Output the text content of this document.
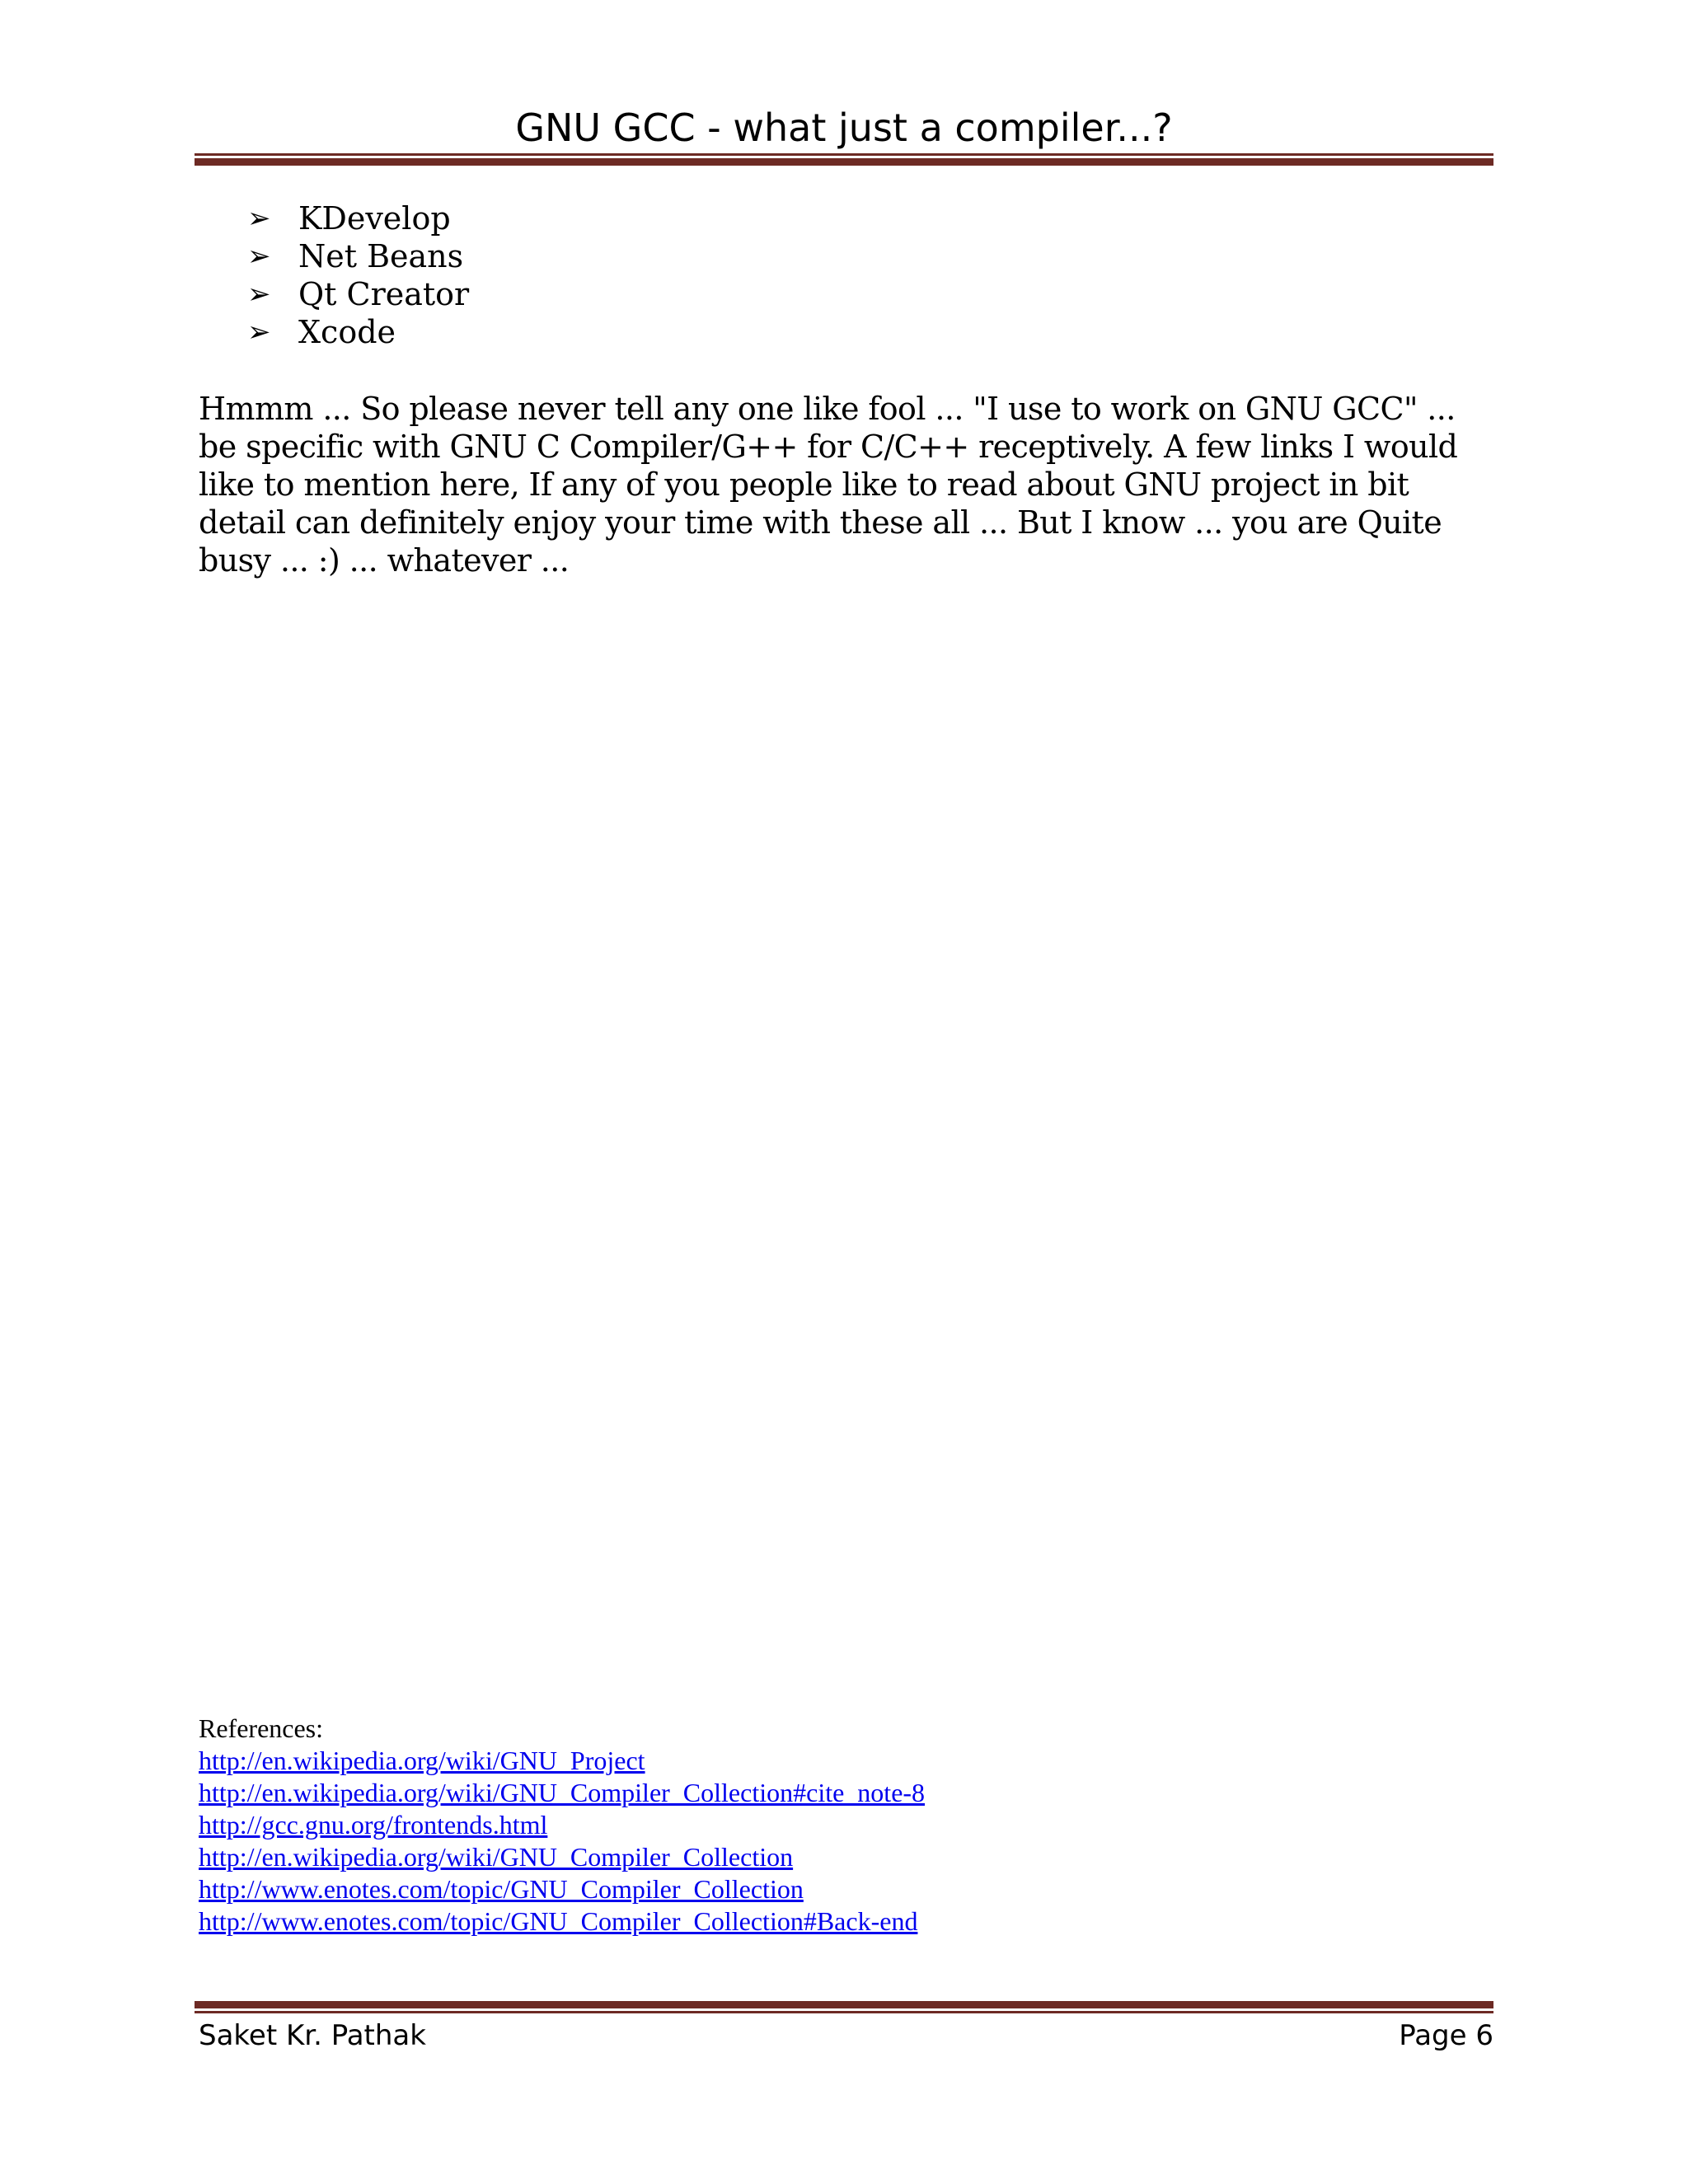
GNU GCC - what just a compiler...?
➢ KDevelop
➢ Net Beans
➢ Qt Creator
➢ Xcode

Hmmm ... So please never tell any one like fool ... "I use to work on GNU GCC" ... be specific with GNU C Compiler/G++ for C/C++ receptively. A few links I would like to mention here, If any of you people like to read about GNU project in bit detail can definitely enjoy your time with these all ... But I know ... you are Quite busy ... :) ... whatever ...

References:
http://en.wikipedia.org/wiki/GNU_Project
http://en.wikipedia.org/wiki/GNU_Compiler_Collection#cite_note-8
http://gcc.gnu.org/frontends.html
http://en.wikipedia.org/wiki/GNU_Compiler_Collection
http://www.enotes.com/topic/GNU_Compiler_Collection
http://www.enotes.com/topic/GNU_Compiler_Collection#Back-end
Saket Kr. Pathak	Page 6
